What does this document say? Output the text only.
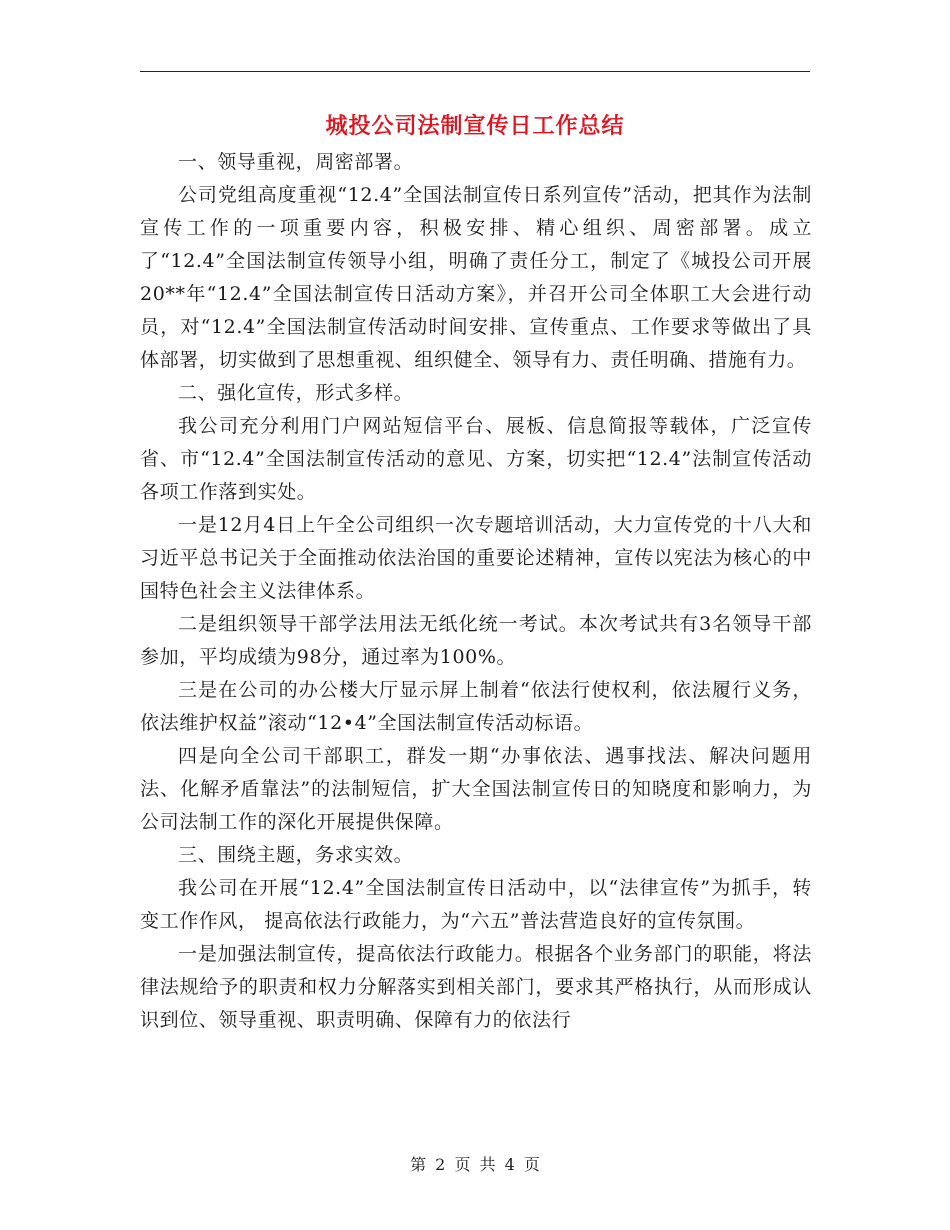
城投公司法制宣传日工作总结

一、领导重视，周密部署。

公司党组高度重视“12.4”全国法制宣传日系列宣传”活动，把其作为法制宣传工作的一项重要内容，积极安排、精心组织、周密部署。成立了“12.4”全国法制宣传领导小组，明确了责任分工，制定了《城投公司开展20**年“12.4”全国法制宣传日活动方案》，并召开公司全体职工大会进行动员，对“12.4”全国法制宣传活动时间安排、宣传重点、工作要求等做出了具体部署，切实做到了思想重视、组织健全、领导有力、责任明确、措施有力。

二、强化宣传，形式多样。

我公司充分利用门户网站短信平台、展板、信息简报等载体，广泛宣传省、市“12.4”全国法制宣传活动的意见、方案，切实把“12.4”法制宣传活动各项工作落到实处。

一是12月4日上午全公司组织一次专题培训活动，大力宣传党的十八大和习近平总书记关于全面推动依法治国的重要论述精神，宣传以宪法为核心的中国特色社会主义法律体系。

二是组织领导干部学法用法无纸化统一考试。本次考试共有3名领导干部参加，平均成绩为98分，通过率为100%。

三是在公司的办公楼大厅显示屏上制着“依法行使权利，依法履行义务，依法维护权益”滚动“12•4”全国法制宣传活动标语。

四是向全公司干部职工，群发一期“办事依法、遇事找法、解决问题用法、化解矛盾靠法”的法制短信，扩大全国法制宣传日的知晓度和影响力，为公司法制工作的深化开展提供保障。

三、围绕主题，务求实效。

我公司在开展“12.4”全国法制宣传日活动中，以“法律宣传”为抓手，转变工作作风， 提高依法行政能力，为“六五”普法营造良好的宣传氛围。

一是加强法制宣传，提高依法行政能力。根据各个业务部门的职能，将法律法规给予的职责和权力分解落实到相关部门，要求其严格执行，从而形成认识到位、领导重视、职责明确、保障有力的依法行

第 2 页 共 4 页
